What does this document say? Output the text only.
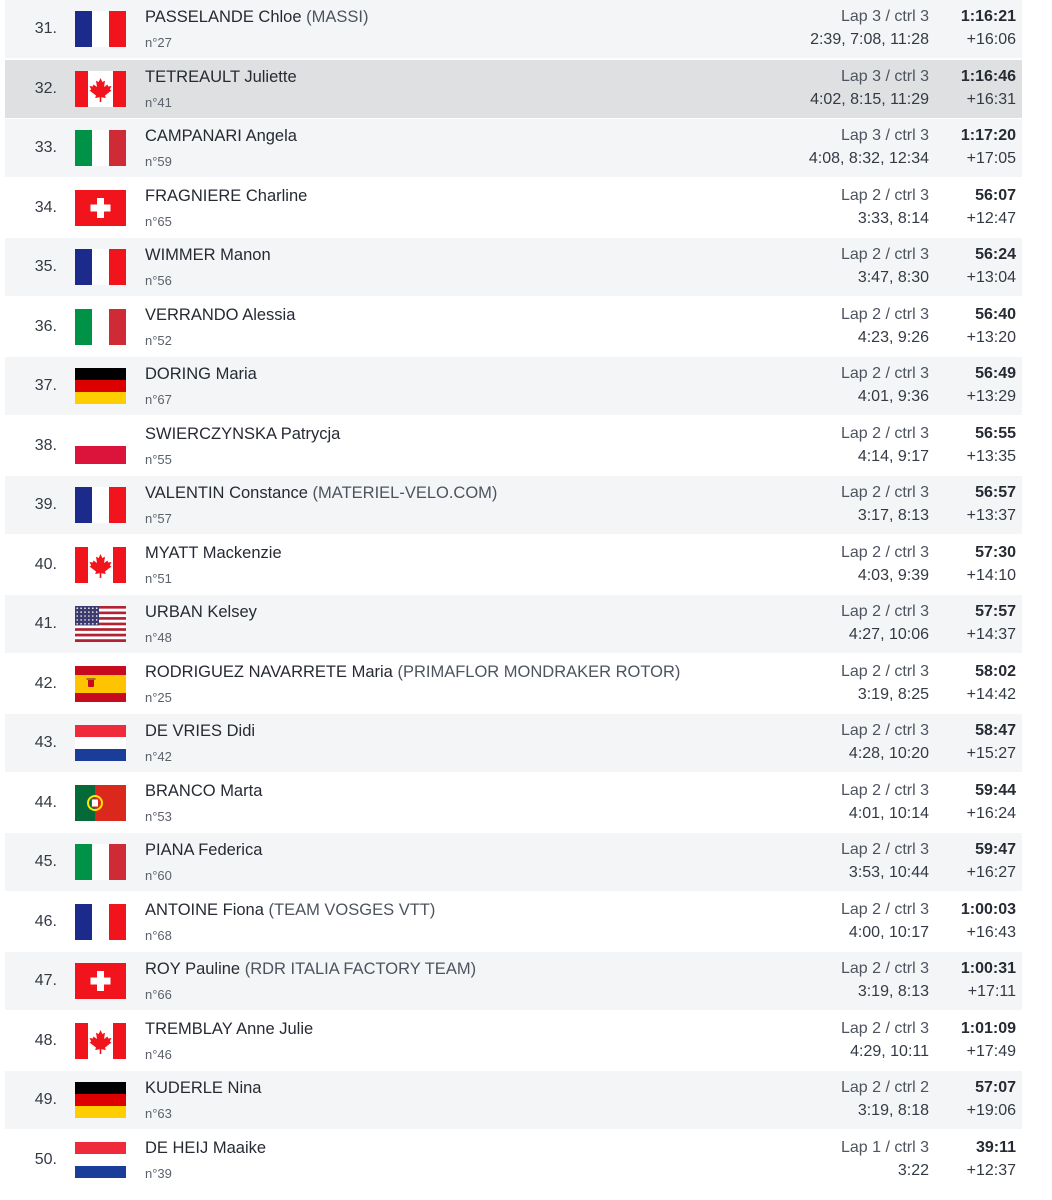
31.
PASSELANDE Chloe (MASSI)
n°27
Lap 3 / ctrl 3
2:39, 7:08, 11:28
1:16:21
+16:06
32.
TETREAULT Juliette
n°41
Lap 3 / ctrl 3
4:02, 8:15, 11:29
1:16:46
+16:31
33.
CAMPANARI Angela
n°59
Lap 3 / ctrl 3
4:08, 8:32, 12:34
1:17:20
+17:05
34.
FRAGNIERE Charline
n°65
Lap 2 / ctrl 3
3:33, 8:14
56:07
+12:47
35.
WIMMER Manon
n°56
Lap 2 / ctrl 3
3:47, 8:30
56:24
+13:04
36.
VERRANDO Alessia
n°52
Lap 2 / ctrl 3
4:23, 9:26
56:40
+13:20
37.
DORING Maria
n°67
Lap 2 / ctrl 3
4:01, 9:36
56:49
+13:29
38.
SWIERCZYNSKA Patrycja
n°55
Lap 2 / ctrl 3
4:14, 9:17
56:55
+13:35
39.
VALENTIN Constance (MATERIEL-VELO.COM)
n°57
Lap 2 / ctrl 3
3:17, 8:13
56:57
+13:37
40.
MYATT Mackenzie
n°51
Lap 2 / ctrl 3
4:03, 9:39
57:30
+14:10
41.
URBAN Kelsey
n°48
Lap 2 / ctrl 3
4:27, 10:06
57:57
+14:37
42.
RODRIGUEZ NAVARRETE Maria (PRIMAFLOR MONDRAKER ROTOR)
n°25
Lap 2 / ctrl 3
3:19, 8:25
58:02
+14:42
43.
DE VRIES Didi
n°42
Lap 2 / ctrl 3
4:28, 10:20
58:47
+15:27
44.
BRANCO Marta
n°53
Lap 2 / ctrl 3
4:01, 10:14
59:44
+16:24
45.
PIANA Federica
n°60
Lap 2 / ctrl 3
3:53, 10:44
59:47
+16:27
46.
ANTOINE Fiona (TEAM VOSGES VTT)
n°68
Lap 2 / ctrl 3
4:00, 10:17
1:00:03
+16:43
47.
ROY Pauline (RDR ITALIA FACTORY TEAM)
n°66
Lap 2 / ctrl 3
3:19, 8:13
1:00:31
+17:11
48.
TREMBLAY Anne Julie
n°46
Lap 2 / ctrl 3
4:29, 10:11
1:01:09
+17:49
49.
KUDERLE Nina
n°63
Lap 2 / ctrl 2
3:19, 8:18
57:07
+19:06
50.
DE HEIJ Maaike
n°39
Lap 1 / ctrl 3
3:22
39:11
+12:37
